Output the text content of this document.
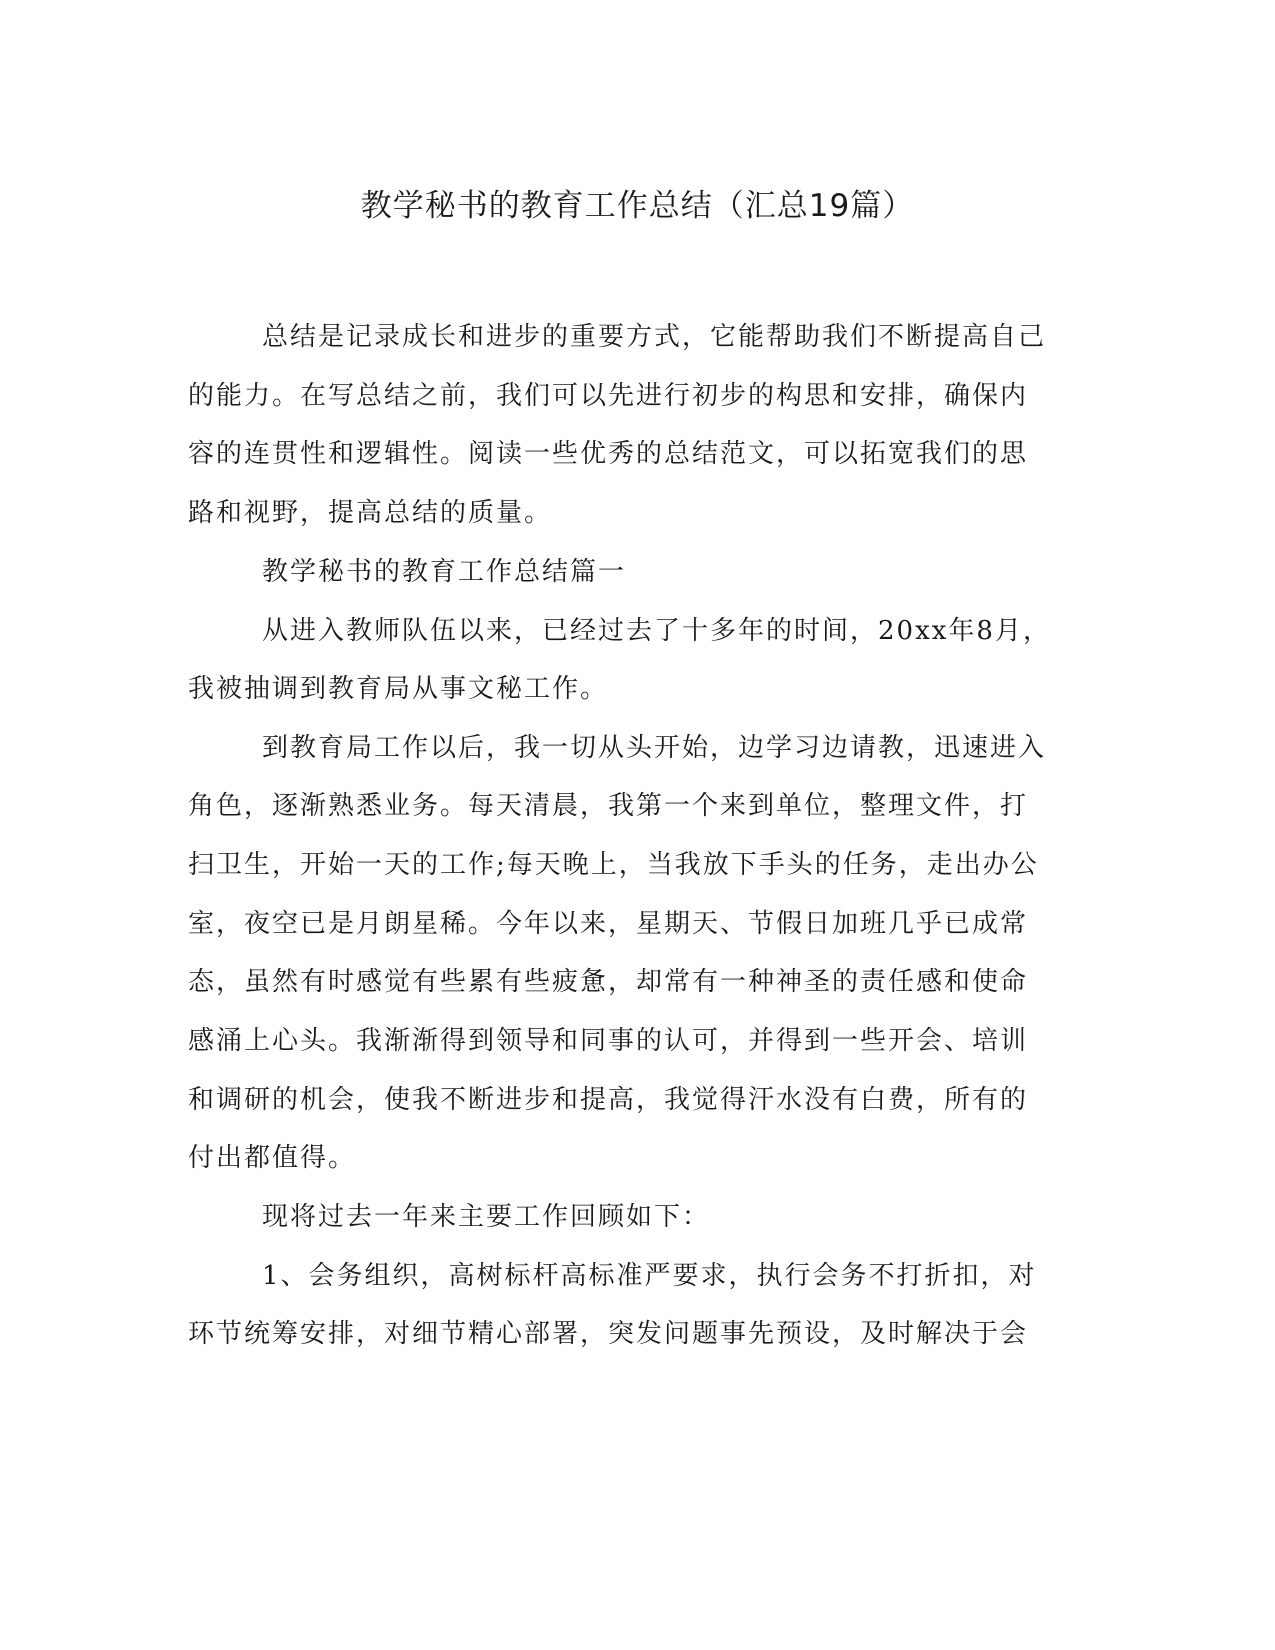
教学秘书的教育工作总结（汇总19篇）
总结是记录成长和进步的重要方式，它能帮助我们不断提高自己
的能力。在写总结之前，我们可以先进行初步的构思和安排，确保内
容的连贯性和逻辑性。阅读一些优秀的总结范文，可以拓宽我们的思
路和视野，提高总结的质量。
教学秘书的教育工作总结篇一
从进入教师队伍以来，已经过去了十多年的时间，20xx年8月，
我被抽调到教育局从事文秘工作。
到教育局工作以后，我一切从头开始，边学习边请教，迅速进入
角色，逐渐熟悉业务。每天清晨，我第一个来到单位，整理文件，打
扫卫生，开始一天的工作;每天晚上，当我放下手头的任务，走出办公
室，夜空已是月朗星稀。今年以来，星期天、节假日加班几乎已成常
态，虽然有时感觉有些累有些疲惫，却常有一种神圣的责任感和使命
感涌上心头。我渐渐得到领导和同事的认可，并得到一些开会、培训
和调研的机会，使我不断进步和提高，我觉得汗水没有白费，所有的
付出都值得。
现将过去一年来主要工作回顾如下：
1、会务组织，高树标杆高标准严要求，执行会务不打折扣，对
环节统筹安排，对细节精心部署，突发问题事先预设，及时解决于会
